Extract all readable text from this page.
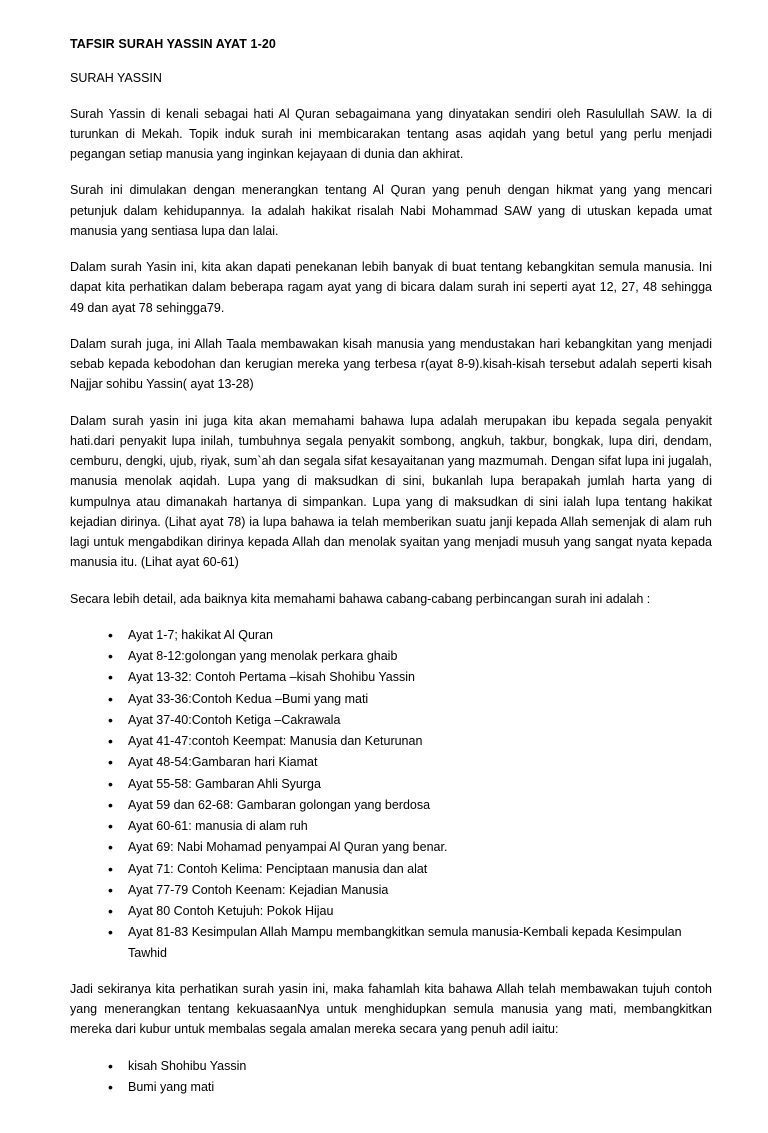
TAFSIR SURAH YASSIN AYAT 1-20
SURAH YASSIN

Surah Yassin di kenali sebagai hati Al Quran sebagaimana yang dinyatakan sendiri oleh Rasulullah SAW. Ia di turunkan di Mekah. Topik induk surah ini membicarakan tentang asas aqidah yang betul yang perlu menjadi pegangan setiap manusia yang inginkan kejayaan di dunia dan akhirat.

Surah ini dimulakan dengan menerangkan tentang Al Quran yang penuh dengan hikmat yang yang mencari petunjuk dalam kehidupannya. Ia adalah hakikat risalah Nabi Mohammad SAW yang di utuskan kepada umat manusia yang sentiasa lupa dan lalai.

Dalam surah Yasin ini, kita akan dapati penekanan lebih banyak di buat tentang kebangkitan semula manusia. Ini dapat kita perhatikan dalam beberapa ragam ayat yang di bicara dalam surah ini seperti ayat 12, 27, 48 sehingga 49 dan ayat 78 sehingga79.

Dalam surah juga, ini Allah Taala membawakan kisah manusia yang mendustakan hari kebangkitan yang menjadi sebab kepada kebodohan dan kerugian mereka yang terbesa r(ayat 8-9).kisah-kisah tersebut adalah seperti kisah Najjar sohibu Yassin( ayat 13-28)

Dalam surah yasin ini juga kita akan memahami bahawa lupa adalah merupakan ibu kepada segala penyakit hati.dari penyakit lupa inilah, tumbuhnya segala penyakit sombong, angkuh, takbur, bongkak, lupa diri, dendam, cemburu, dengki, ujub, riyak, sum`ah dan segala sifat kesayaitanan yang mazmumah. Dengan sifat lupa ini jugalah, manusia menolak aqidah. Lupa yang di maksudkan di sini, bukanlah lupa berapakah jumlah harta yang di kumpulnya atau dimanakah hartanya di simpankan. Lupa yang di maksudkan di sini ialah lupa tentang hakikat kejadian dirinya. (Lihat ayat 78) ia lupa bahawa ia telah memberikan suatu janji kepada Allah semenjak di alam ruh lagi untuk mengabdikan dirinya kepada Allah dan menolak syaitan yang menjadi musuh yang sangat nyata kepada manusia itu. (Lihat ayat 60-61)

Secara lebih detail, ada baiknya kita memahami bahawa cabang-cabang perbincangan surah ini adalah :

• Ayat 1-7; hakikat Al Quran
• Ayat 8-12:golongan yang menolak perkara ghaib
• Ayat 13-32: Contoh Pertama –kisah Shohibu Yassin
• Ayat 33-36:Contoh Kedua –Bumi yang mati
• Ayat 37-40:Contoh Ketiga –Cakrawala
• Ayat 41-47:contoh Keempat: Manusia dan Keturunan
• Ayat 48-54:Gambaran hari Kiamat
• Ayat 55-58: Gambaran Ahli Syurga
• Ayat 59 dan 62-68: Gambaran golongan yang berdosa
• Ayat 60-61: manusia di alam ruh
• Ayat 69: Nabi Mohamad penyampai Al Quran yang benar.
• Ayat 71: Contoh Kelima: Penciptaan manusia dan alat
• Ayat 77-79 Contoh Keenam: Kejadian Manusia
• Ayat 80 Contoh Ketujuh: Pokok Hijau
• Ayat 81-83 Kesimpulan Allah Mampu membangkitkan semula manusia-Kembali kepada Kesimpulan Tawhid

Jadi sekiranya kita perhatikan surah yasin ini, maka fahamlah kita bahawa Allah telah membawakan tujuh contoh yang menerangkan tentang kekuasaanNya untuk menghidupkan semula manusia yang mati, membangkitkan mereka dari kubur untuk membalas segala amalan mereka secara yang penuh adil iaitu:

• kisah Shohibu Yassin
• Bumi yang mati
